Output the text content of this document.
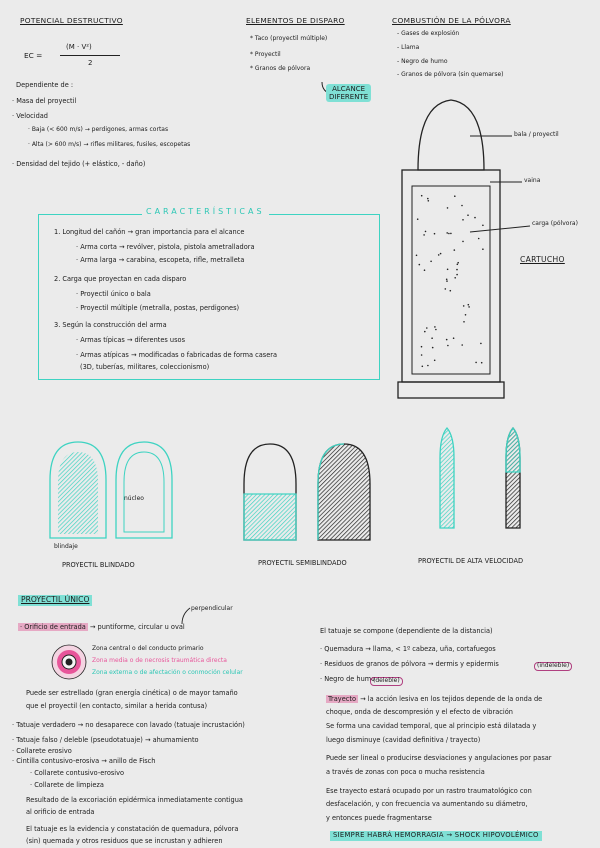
POTENCIAL DESTRUCTIVO
EC =
(M · V²)
2
Dependiente de :
· Masa del proyectil
· Velocidad
· Baja (< 600 m/s) → perdigones, armas cortas
· Alta (> 600 m/s) → rifles militares, fusiles, escopetas
· Densidad del tejido (+ elástico, - daño)
ELEMENTOS DE DISPARO
* Taco (proyectil múltiple)
* Proyectil
* Granos de pólvora
ALCANCE
DIFERENTE
COMBUSTIÓN DE LA PÓLVORA
- Gases de explosión
- Llama
- Negro de humo
- Granos de pólvora (sin quemarse)
bala / proyectil
vaina
carga (pólvora)
CARTUCHO
CARACTERÍSTICAS
1. Longitud del cañón → gran importancia para el alcance
· Arma corta → revólver, pistola, pistola ametralladora
· Arma larga → carabina, escopeta, rifle, metralleta
2. Carga que proyectan en cada disparo
· Proyectil único o bala
· Proyectil múltiple (metralla, postas, perdigones)
3. Según la construcción del arma
· Armas típicas → diferentes usos
· Armas atípicas → modificadas o fabricadas de forma casera
(3D, tuberías, militares, coleccionismo)
núcleo
blindaje
PROYECTIL BLINDADO	PROYECTIL SEMIBLINDADO	PROYECTIL DE ALTA VELOCIDAD
PROYECTIL ÚNICO
perpendicular
· Orificio de entrada → puntiforme, circular u oval
Zona central o del conducto primario
Zona media o de necrosis traumática directa
Zona externa o de afectación o conmoción celular
Puede ser estrellado (gran energía cinética) o de mayor tamaño
que el proyectil (en contacto, similar a herida contusa)
· Tatuaje verdadero → no desaparece con lavado (tatuaje incrustación)
· Tatuaje falso / deleble (pseudotatuaje) → ahumamiento
· Collarete erosivo
· Cintilla contusivo-erosiva → anillo de Fisch
· Collarete contusivo-erosivo
· Collarete de limpieza
Resultado de la excoriación epidérmica inmediatamente contigua
al orificio de entrada
El tatuaje es la evidencia y constatación de quemadura, pólvora
(sin) quemada y otros residuos que se incrustan y adhieren
El tatuaje se compone (dependiente de la distancia)
· Quemadura → llama, < 1º cabeza, uña, cortafuegos
· Residuos de granos de pólvora → dermis y epidermis	(indeleble)
· Negro de humo
(deleble)
Trayecto → la acción lesiva en los tejidos depende de la onda de
choque, onda de descompresión y el efecto de vibración
Se forma una cavidad temporal, que al principio está dilatada y
luego disminuye (cavidad definitiva / trayecto)
Puede ser lineal o producirse desviaciones y angulaciones por pasar
a través de zonas con poca o mucha resistencia
Ese trayecto estará ocupado por un rastro traumatológico con
desfacelación, y con frecuencia va aumentando su diámetro,
y entonces puede fragmentarse
SIEMPRE HABRÁ HEMORRAGIA → SHOCK HIPOVOLÉMICO
